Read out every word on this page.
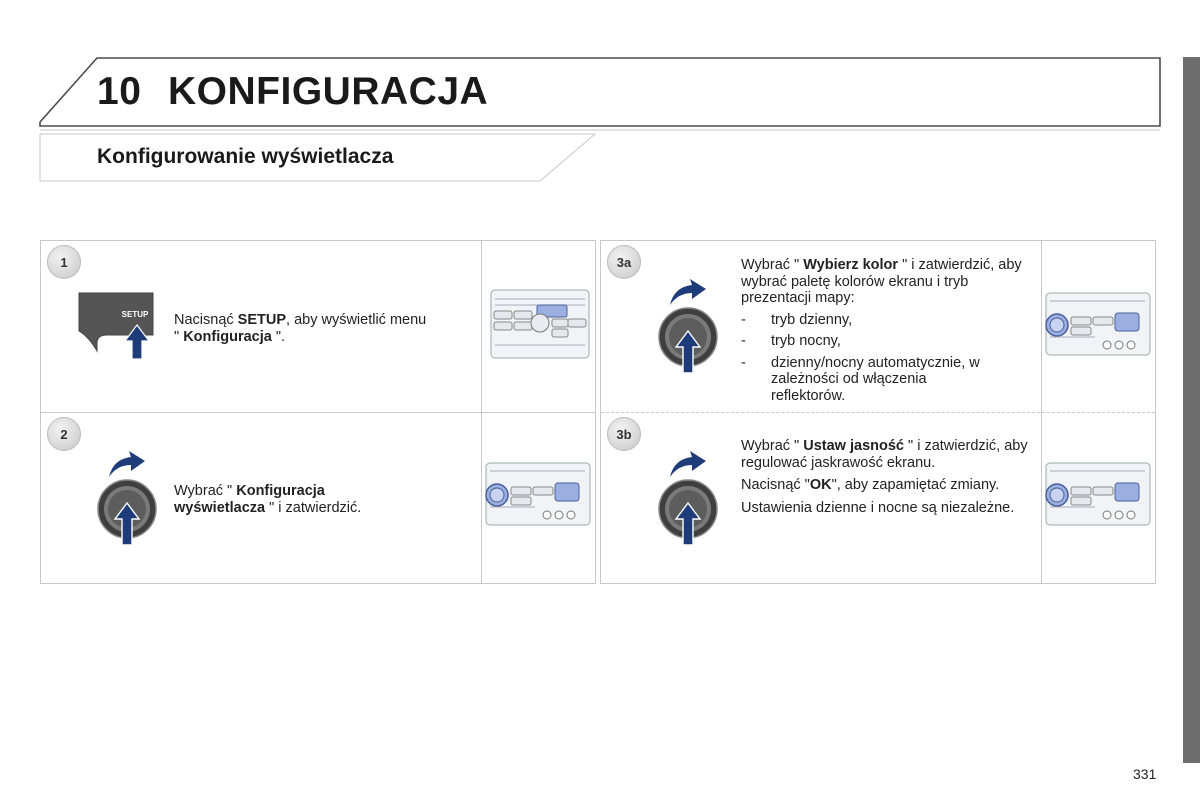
10 KONFIGURACJA
Konfigurowanie wyświetlacza
1
SETUP Nacisnąć SETUP, aby wyświetlić menu
" Konfiguracja ".
2
Wybrać " Konfiguracja wyświetlacza " i zatwierdzić.
3a	Wybrać " Wybierz kolor " i zatwierdzić, aby wybrać paletę kolorów ekranu i tryb prezentacji mapy:
-	tryb dzienny,
-	tryb nocny,
-	dzienny/nocny automatycznie, w zależności od włączenia reflektorów.
3b

Wybrać " Ustaw jasność " i zatwierdzić, aby regulować jaskrawość ekranu.

Nacisnąć "OK", aby zapamiętać zmiany.

Ustawienia dzienne i nocne są niezależne.

331
